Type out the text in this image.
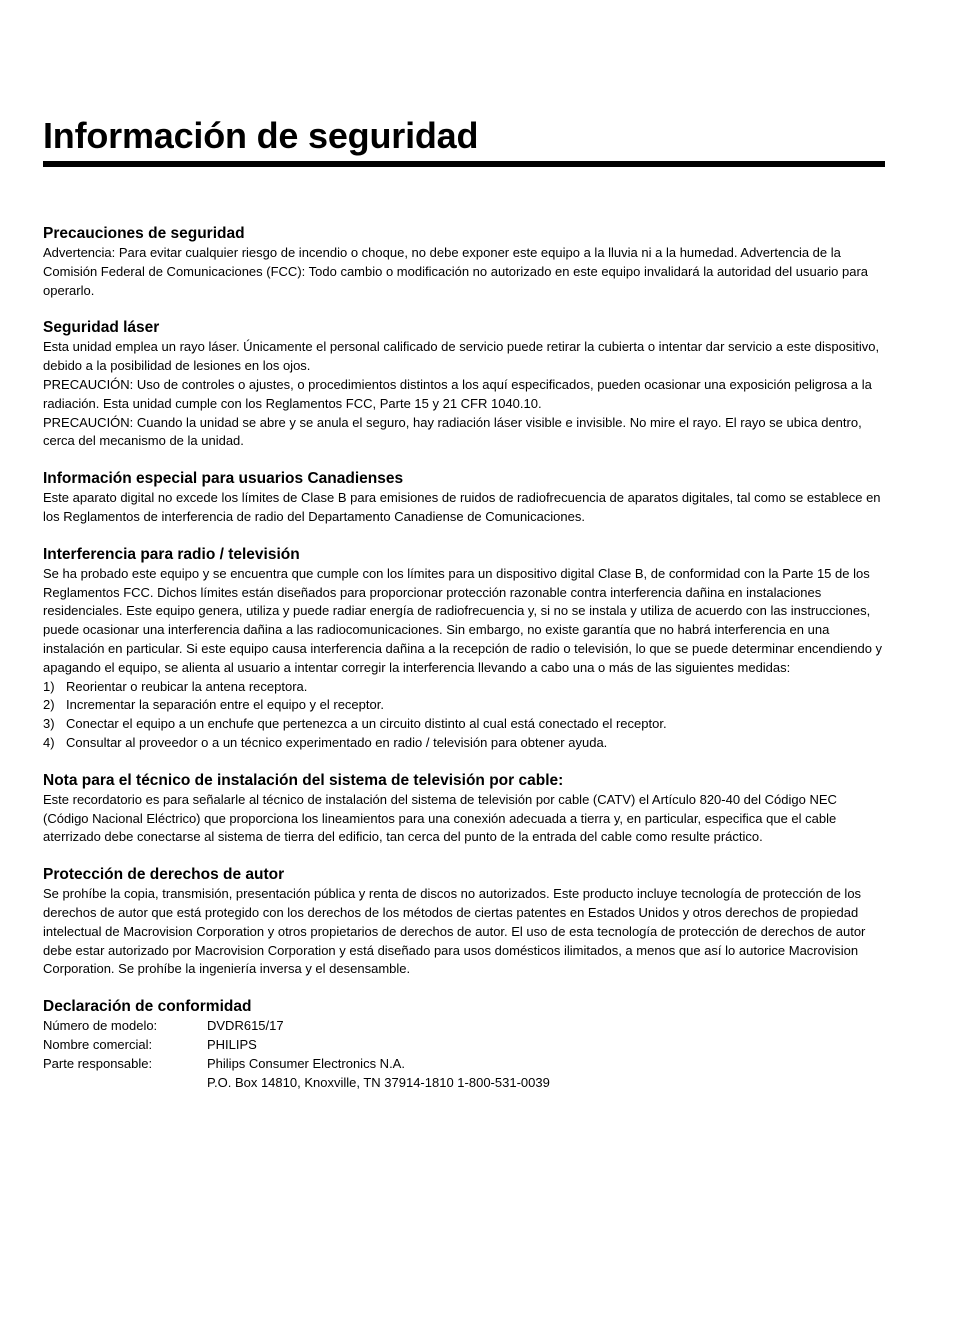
Información de seguridad
Precauciones de seguridad

Advertencia: Para evitar cualquier riesgo de incendio o choque, no debe exponer este equipo a la lluvia ni a la humedad. Advertencia de la Comisión Federal de Comunicaciones (FCC): Todo cambio o modificación no autorizado en este equipo invalidará la autoridad del usuario para operarlo.

Seguridad láser

Esta unidad emplea un rayo láser. Únicamente el personal calificado de servicio puede retirar la cubierta o intentar dar servicio a este dispositivo, debido a la posibilidad de lesiones en los ojos.

PRECAUCIÓN: Uso de controles o ajustes, o procedimientos distintos a los aquí especificados, pueden ocasionar una exposición peligrosa a la radiación. Esta unidad cumple con los Reglamentos FCC, Parte 15 y 21 CFR 1040.10.

PRECAUCIÓN: Cuando la unidad se abre y se anula el seguro, hay radiación láser visible e invisible. No mire el rayo. El rayo se ubica dentro, cerca del mecanismo de la unidad.

Información especial para usuarios Canadienses

Este aparato digital no excede los límites de Clase B para emisiones de ruidos de radiofrecuencia de aparatos digitales, tal como se establece en los Reglamentos de interferencia de radio del Departamento Canadiense de Comunicaciones.

Interferencia para radio / televisión

Se ha probado este equipo y se encuentra que cumple con los límites para un dispositivo digital Clase B, de conformidad con la Parte 15 de los Reglamentos FCC. Dichos límites están diseñados para proporcionar protección razonable contra interferencia dañina en instalaciones residenciales. Este equipo genera, utiliza y puede radiar energía de radiofrecuencia y, si no se instala y utiliza de acuerdo con las instrucciones, puede ocasionar una interferencia dañina a las radiocomunicaciones. Sin embargo, no existe garantía que no habrá interferencia en una instalación en particular. Si este equipo causa interferencia dañina a la recepción de radio o televisión, lo que se puede determinar encendiendo y apagando el equipo, se alienta al usuario a intentar corregir la interferencia llevando a cabo una o más de las siguientes medidas:

1) Reorientar o reubicar la antena receptora.
2) Incrementar la separación entre el equipo y el receptor.
3) Conectar el equipo a un enchufe que pertenezca a un circuito distinto al cual está conectado el receptor.
4) Consultar al proveedor o a un técnico experimentado en radio / televisión para obtener ayuda.
Nota para el técnico de instalación del sistema de televisión por cable:

Este recordatorio es para señalarle al técnico de instalación del sistema de televisión por cable (CATV) el Artículo 820-40 del Código NEC (Código Nacional Eléctrico) que proporciona los lineamientos para una conexión adecuada a tierra y, en particular, especifica que el cable aterrizado debe conectarse al sistema de tierra del edificio, tan cerca del punto de la entrada del cable como resulte práctico.

Protección de derechos de autor

Se prohíbe la copia, transmisión, presentación pública y renta de discos no autorizados. Este producto incluye tecnología de protección de los derechos de autor que está protegido con los derechos de los métodos de ciertas patentes en Estados Unidos y otros derechos de propiedad intelectual de Macrovision Corporation y otros propietarios de derechos de autor. El uso de esta tecnología de protección de derechos de autor debe estar autorizado por Macrovision Corporation y está diseñado para usos domésticos ilimitados, a menos que así lo autorice Macrovision Corporation. Se prohíbe la ingeniería inversa y el desensamble.

Declaración de conformidad
Número de modelo:	DVDR615/17
Nombre comercial:	PHILIPS
Parte responsable:	Philips Consumer Electronics N.A.
P.O. Box 14810, Knoxville, TN 37914-1810 1-800-531-0039
